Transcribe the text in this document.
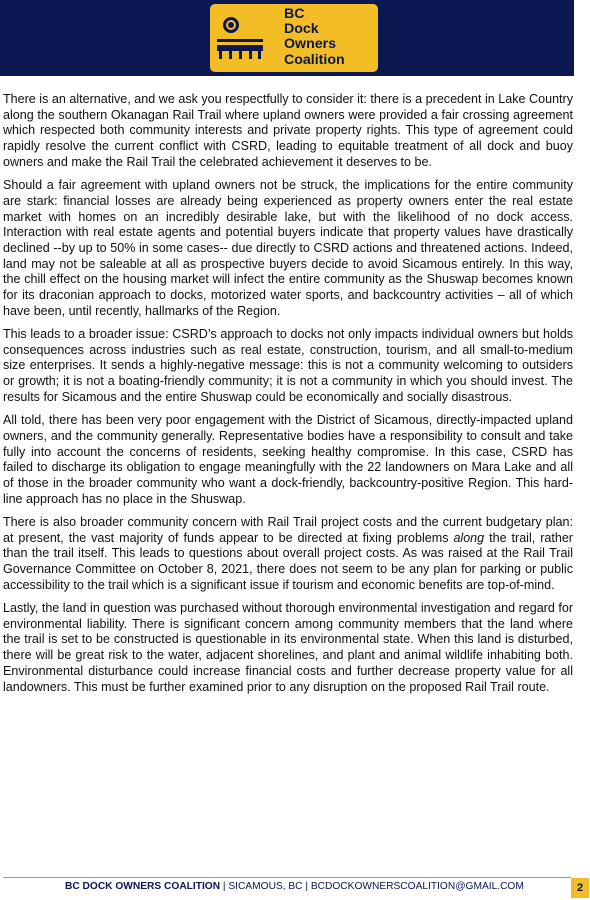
BC
Dock
Owners
Coalition

There is an alternative, and we ask you respectfully to consider it: there is a precedent in Lake Country along the southern Okanagan Rail Trail where upland owners were provided a fair crossing agreement which respected both community interests and private property rights. This type of agreement could rapidly resolve the current conflict with CSRD, leading to equitable treatment of all dock and buoy owners and make the Rail Trail the celebrated achievement it deserves to be.

Should a fair agreement with upland owners not be struck, the implications for the entire community are stark: financial losses are already being experienced as property owners enter the real estate market with homes on an incredibly desirable lake, but with the likelihood of no dock access. Interaction with real estate agents and potential buyers indicate that property values have drastically declined --by up to 50% in some cases-- due directly to CSRD actions and threatened actions. Indeed, land may not be saleable at all as prospective buyers decide to avoid Sicamous entirely. In this way, the chill effect on the housing market will infect the entire community as the Shuswap becomes known for its draconian approach to docks, motorized water sports, and backcountry activities – all of which have been, until recently, hallmarks of the Region.

This leads to a broader issue: CSRD’s approach to docks not only impacts individual owners but holds consequences across industries such as real estate, construction, tourism, and all small-to-medium size enterprises. It sends a highly-negative message: this is not a community welcoming to outsiders or growth; it is not a boating-friendly community; it is not a community in which you should invest. The results for Sicamous and the entire Shuswap could be economically and socially disastrous.

All told, there has been very poor engagement with the District of Sicamous, directly-impacted upland owners, and the community generally. Representative bodies have a responsibility to consult and take fully into account the concerns of residents, seeking healthy compromise. In this case, CSRD has failed to discharge its obligation to engage meaningfully with the 22 landowners on Mara Lake and all of those in the broader community who want a dock-friendly, backcountry-positive Region. This hard-line approach has no place in the Shuswap.

There is also broader community concern with Rail Trail project costs and the current budgetary plan: at present, the vast majority of funds appear to be directed at fixing problems along the trail, rather than the trail itself. This leads to questions about overall project costs. As was raised at the Rail Trail Governance Committee on October 8, 2021, there does not seem to be any plan for parking or public accessibility to the trail which is a significant issue if tourism and economic benefits are top-of-mind.

Lastly, the land in question was purchased without thorough environmental investigation and regard for environmental liability. There is significant concern among community members that the land where the trail is set to be constructed is questionable in its environmental state. When this land is disturbed, there will be great risk to the water, adjacent shorelines, and plant and animal wildlife inhabiting both. Environmental disturbance could increase financial costs and further decrease property value for all landowners. This must be further examined prior to any disruption on the proposed Rail Trail route.

BC DOCK OWNERS COALITION | SICAMOUS, BC | BCDOCKOWNERSCOALITION@GMAIL.COM	2
